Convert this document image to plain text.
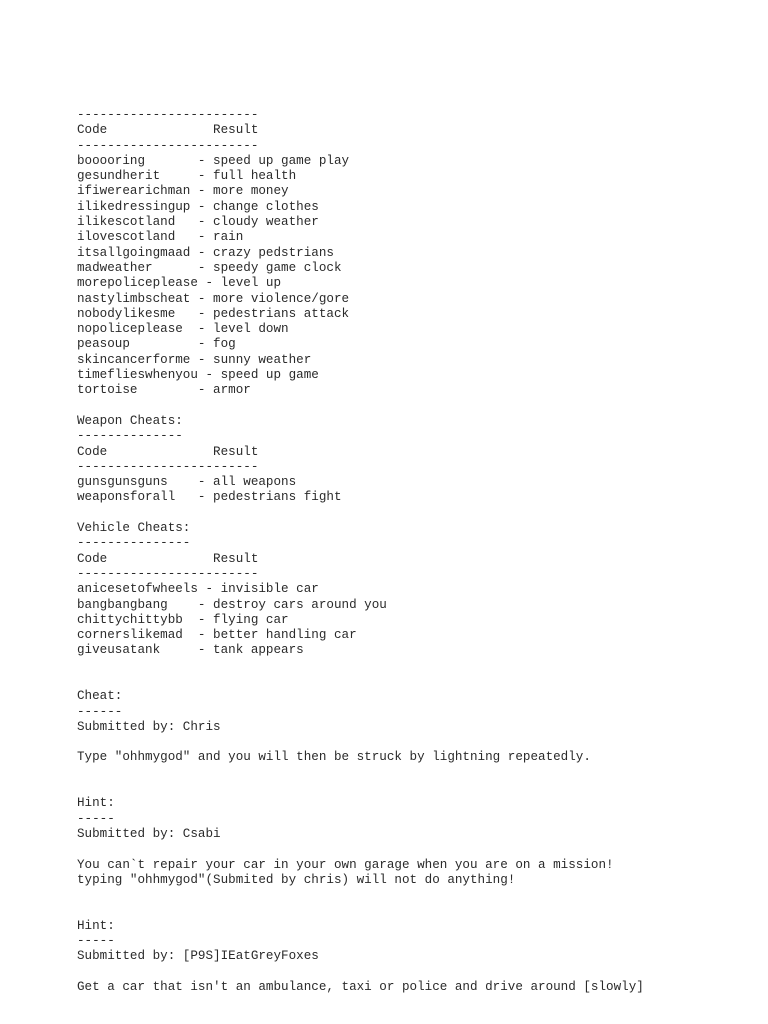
------------------------
Code              Result
------------------------
booooring       - speed up game play
gesundherit     - full health
ifiwerearichman - more money
ilikedressingup - change clothes
ilikescotland   - cloudy weather
ilovescotland   - rain
itsallgoingmaad - crazy pedstrians
madweather      - speedy game clock
morepoliceplease - level up
nastylimbscheat - more violence/gore
nobodylikesme   - pedestrians attack
nopoliceplease  - level down
peasoup         - fog
skincancerforme - sunny weather
timeflieswhenyou - speed up game
tortoise        - armor
Weapon Cheats:
--------------
Code              Result
------------------------
gunsgunsguns    - all weapons
weaponsforall   - pedestrians fight
Vehicle Cheats:
---------------
Code              Result
------------------------
anicesetofwheels - invisible car
bangbangbang    - destroy cars around you
chittychittybb  - flying car
cornerslikemad  - better handling car
giveusatank     - tank appears
Cheat:
------
Submitted by: Chris
Type "ohhmygod" and you will then be struck by lightning repeatedly.
Hint:
-----
Submitted by: Csabi
You can`t repair your car in your own garage when you are on a mission!
typing "ohhmygod"(Submited by chris) will not do anything!
Hint:
-----
Submitted by: [P9S]IEatGreyFoxes
Get a car that isn't an ambulance, taxi or police and drive around [slowly]
